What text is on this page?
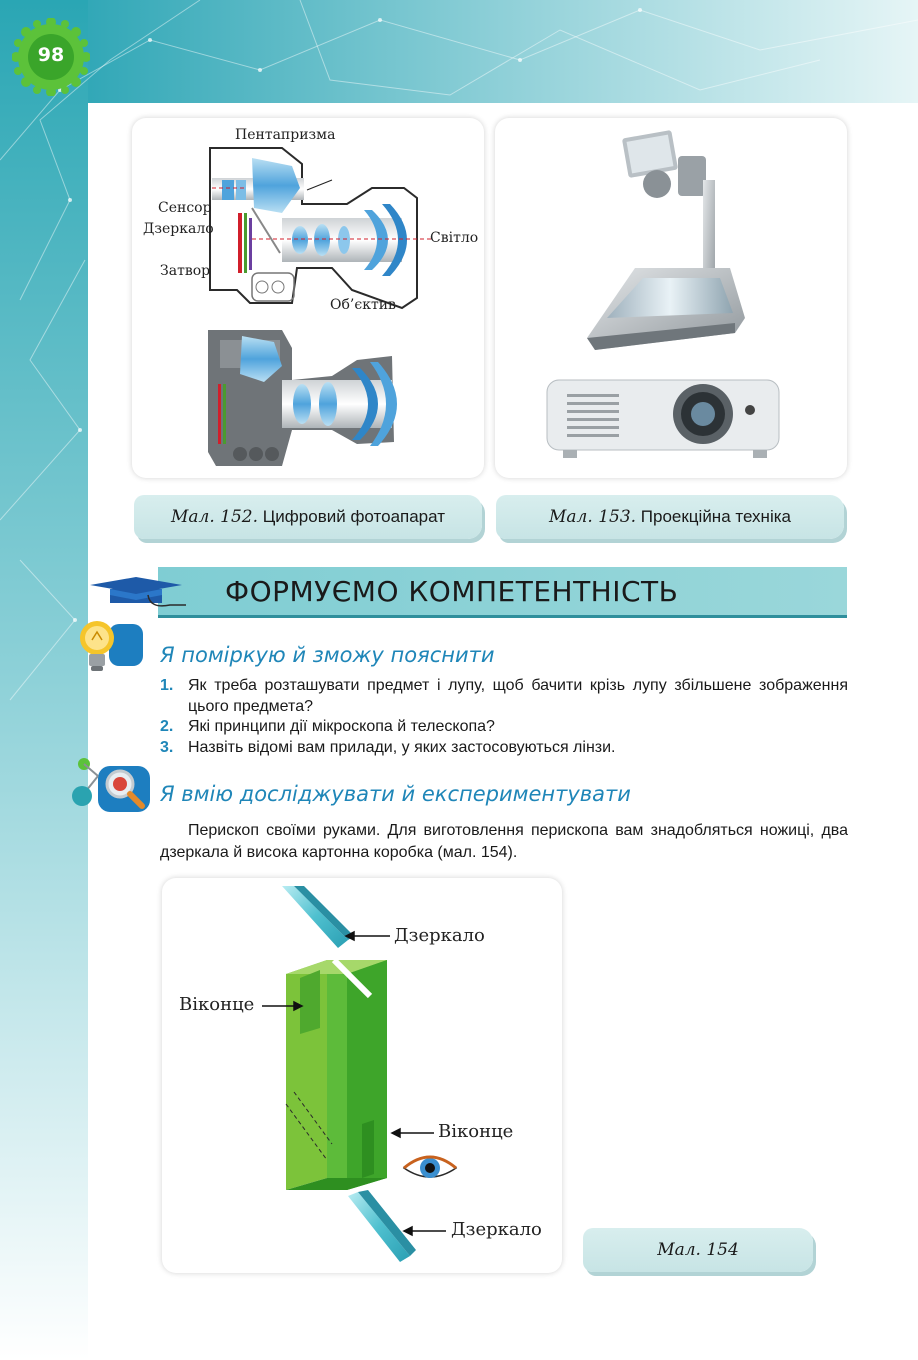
98
Пентапризма
Сенсор
Дзеркало
Затвор
Світло
Об’єктив
Мал. 152. Цифровий фотоапарат	Мал. 153. Проекційна техніка
ФОРМУЄМО КОМПЕТЕНТНІСТЬ
Я поміркую й зможу пояснити
1. Як треба розташувати предмет і лупу, щоб бачити крізь лупу збільшене зображення цього предмета?
2. Які принципи дії мікроскопа й телескопа?
3. Назвіть відомі вам прилади, у яких застосовуються лінзи.
Я вмію досліджувати й експериментувати
Перископ своїми руками. Для виготовлення перископа вам знадобляться ножиці, два дзеркала й висока картонна коробка (мал. 154).
Дзеркало
Віконце
Віконце
Дзеркало
Мал. 154
